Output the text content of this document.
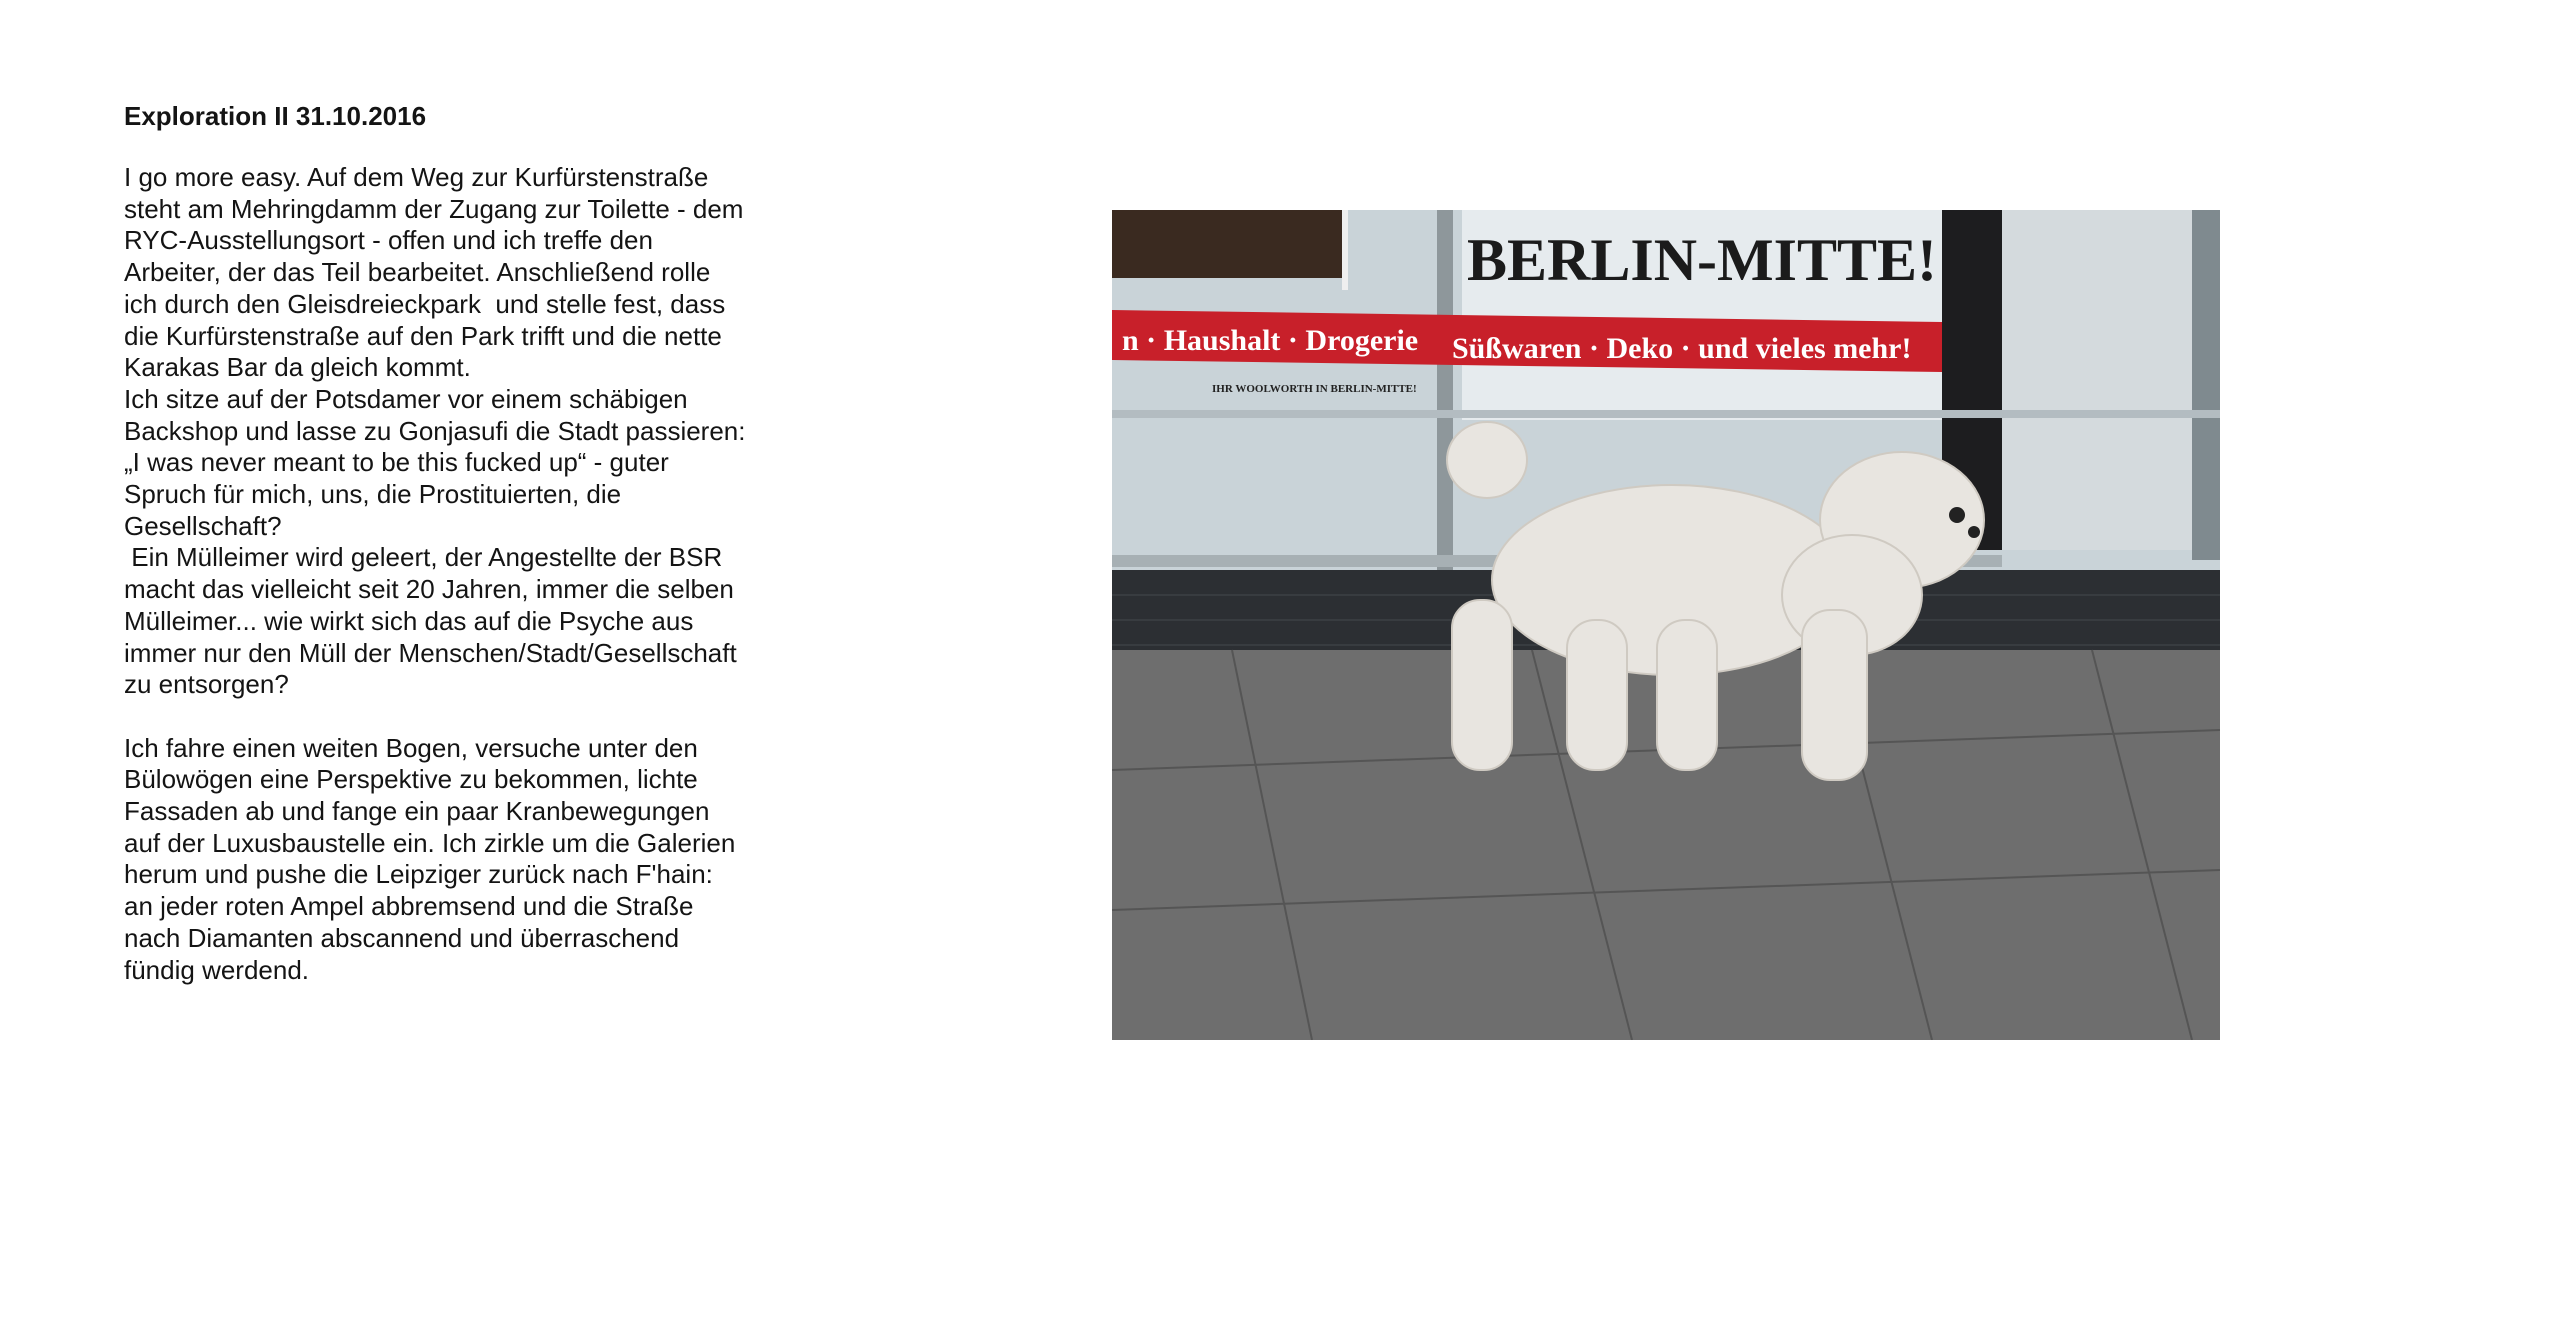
Exploration II 31.10.2016
I go more easy. Auf dem Weg zur Kurfürstenstraße
steht am Mehringdamm der Zugang zur Toilette - dem
RYC-Ausstellungsort - offen und ich treffe den
Arbeiter, der das Teil bearbeitet. Anschließend rolle
ich durch den Gleisdreieckpark  und stelle fest, dass
die Kurfürstenstraße auf den Park trifft und die nette
Karakas Bar da gleich kommt.
Ich sitze auf der Potsdamer vor einem schäbigen
Backshop und lasse zu Gonjasufi die Stadt passieren:
„I was never meant to be this fucked up“ - guter
Spruch für mich, uns, die Prostituierten, die
Gesellschaft?
Ein Mülleimer wird geleert, der Angestellte der BSR
macht das vielleicht seit 20 Jahren, immer die selben
Mülleimer... wie wirkt sich das auf die Psyche aus
immer nur den Müll der Menschen/Stadt/Gesellschaft
zu entsorgen?
Ich fahre einen weiten Bogen, versuche unter den
Bülowögen eine Perspektive zu bekommen, lichte
Fassaden ab und fange ein paar Kranbewegungen
auf der Luxusbaustelle ein. Ich zirkle um die Galerien
herum und pushe die Leipziger zurück nach F'hain:
an jeder roten Ampel abbremsend und die Straße
nach Diamanten abscannend und überraschend
fündig werdend.
BERLIN-MITTE!
n · Haushalt · Drogerie Süßwaren · Deko · und vieles mehr!
IHR WOOLWORTH IN BERLIN-MITTE!
